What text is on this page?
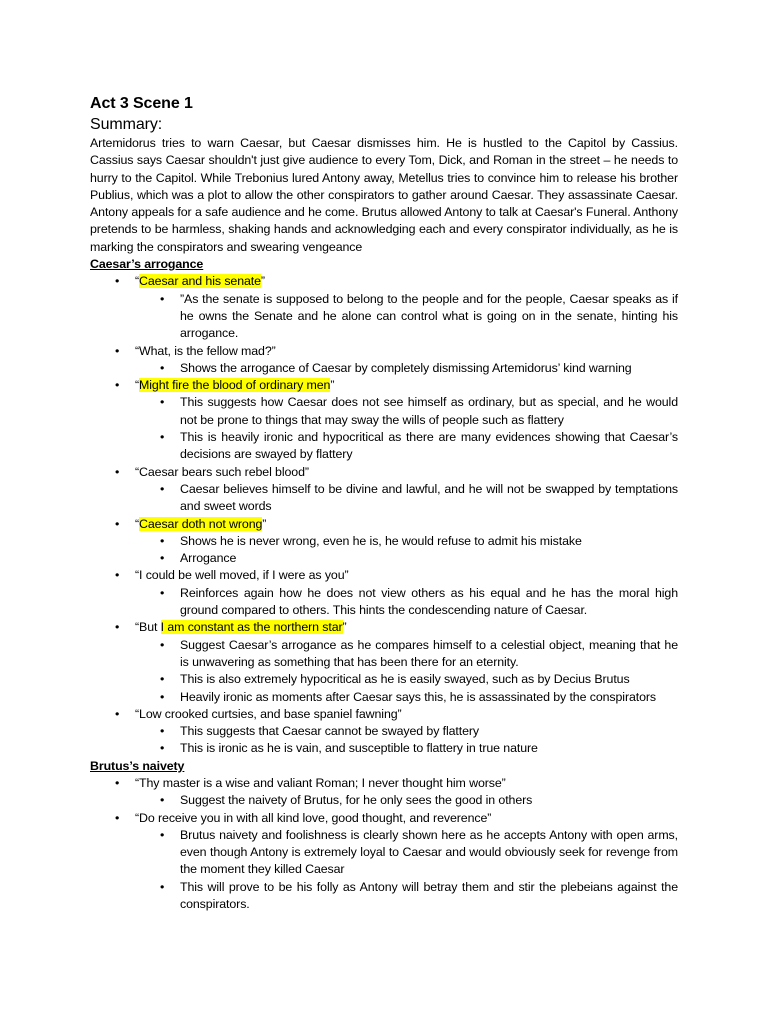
Act 3 Scene 1

Summary:

Artemidorus tries to warn Caesar, but Caesar dismisses him. He is hustled to the Capitol by Cassius. Cassius says Caesar shouldn't just give audience to every Tom, Dick, and Roman in the street – he needs to hurry to the Capitol. While Trebonius lured Antony away, Metellus tries to convince him to release his brother Publius, which was a plot to allow the other conspirators to gather around Caesar. They assassinate Caesar. Antony appeals for a safe audience and he come. Brutus allowed Antony to talk at Caesar's Funeral. Anthony pretends to be harmless, shaking hands and acknowledging each and every conspirator individually, as he is marking the conspirators and swearing vengeance

Caesar’s arrogance

• “Caesar and his senate”
• ”As the senate is supposed to belong to the people and for the people, Caesar speaks as if he owns the Senate and he alone can control what is going on in the senate, hinting his arrogance.
• “What, is the fellow mad?”
• Shows the arrogance of Caesar by completely dismissing Artemidorus’ kind warning
• “Might fire the blood of ordinary men”
• This suggests how Caesar does not see himself as ordinary, but as special, and he would not be prone to things that may sway the wills of people such as flattery
• This is heavily ironic and hypocritical as there are many evidences showing that Caesar’s decisions are swayed by flattery
• “Caesar bears such rebel blood”
• Caesar believes himself to be divine and lawful, and he will not be swapped by temptations and sweet words
• “Caesar doth not wrong”
• Shows he is never wrong, even he is, he would refuse to admit his mistake
• Arrogance
• “I could be well moved, if I were as you”
• Reinforces again how he does not view others as his equal and he has the moral high ground compared to others. This hints the condescending nature of Caesar.
• “But I am constant as the northern star”
• Suggest Caesar’s arrogance as he compares himself to a celestial object, meaning that he is unwavering as something that has been there for an eternity.
• This is also extremely hypocritical as he is easily swayed, such as by Decius Brutus
• Heavily ironic as moments after Caesar says this, he is assassinated by the conspirators
• “Low crooked curtsies, and base spaniel fawning”
• This suggests that Caesar cannot be swayed by flattery
• This is ironic as he is vain, and susceptible to flattery in true nature

Brutus’s naivety

• “Thy master is a wise and valiant Roman; I never thought him worse”
• Suggest the naivety of Brutus, for he only sees the good in others
• “Do receive you in with all kind love, good thought, and reverence”
• Brutus naivety and foolishness is clearly shown here as he accepts Antony with open arms, even though Antony is extremely loyal to Caesar and would obviously seek for revenge from the moment they killed Caesar
• This will prove to be his folly as Antony will betray them and stir the plebeians against the conspirators.
